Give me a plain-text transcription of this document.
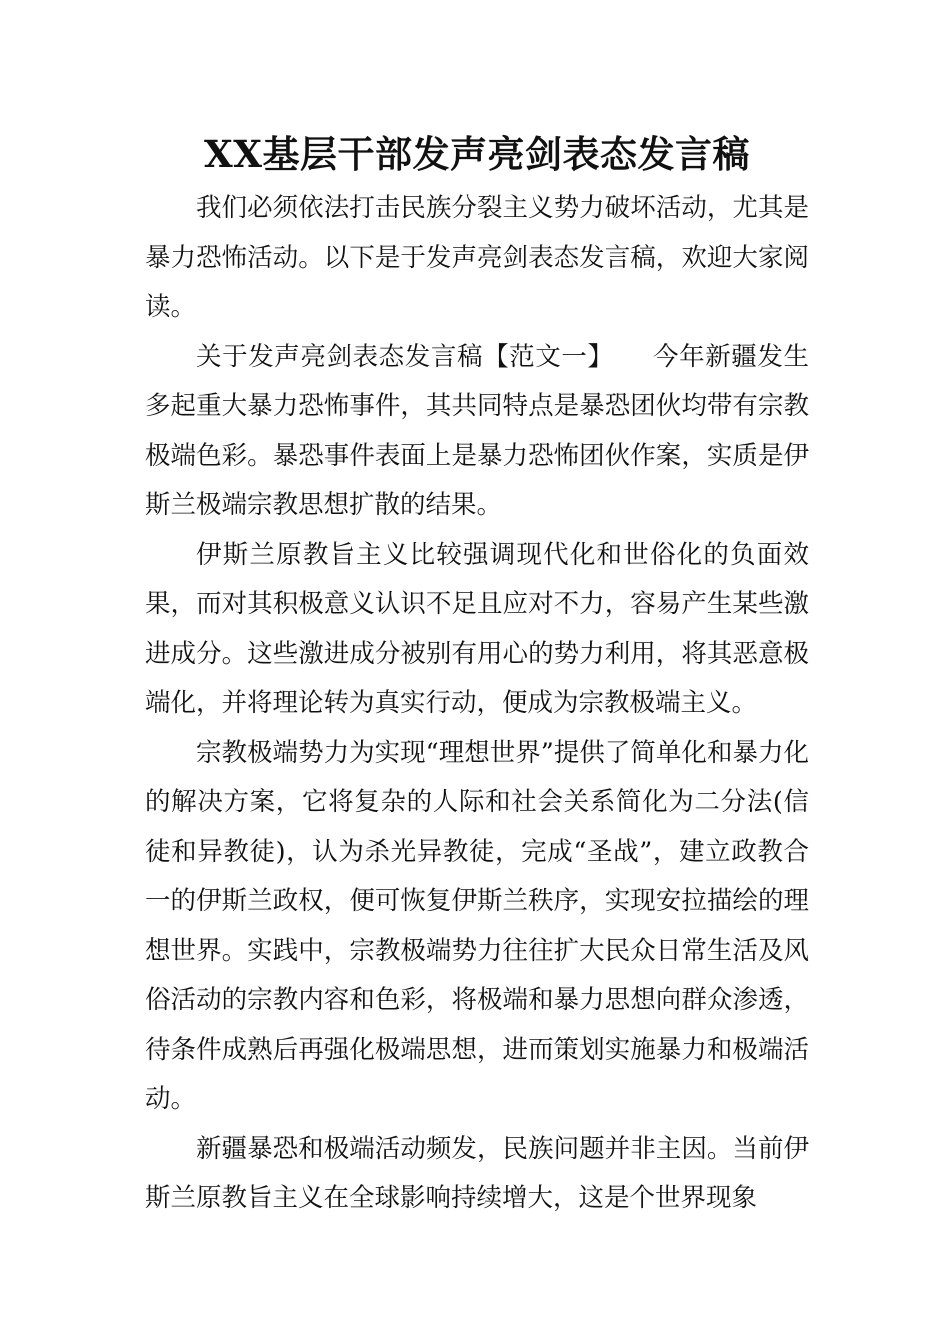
XX基层干部发声亮剑表态发言稿

我们必须依法打击民族分裂主义势力破坏活动，尤其是暴力恐怖活动。以下是于发声亮剑表态发言稿，欢迎大家阅读。

关于发声亮剑表态发言稿【范文一】　　今年新疆发生多起重大暴力恐怖事件，其共同特点是暴恐团伙均带有宗教极端色彩。暴恐事件表面上是暴力恐怖团伙作案，实质是伊斯兰极端宗教思想扩散的结果。

伊斯兰原教旨主义比较强调现代化和世俗化的负面效果，而对其积极意义认识不足且应对不力，容易产生某些激进成分。这些激进成分被别有用心的势力利用，将其恶意极端化，并将理论转为真实行动，便成为宗教极端主义。

宗教极端势力为实现“理想世界”提供了简单化和暴力化的解决方案，它将复杂的人际和社会关系简化为二分法(信徒和异教徒)，认为杀光异教徒，完成“圣战”，建立政教合一的伊斯兰政权，便可恢复伊斯兰秩序，实现安拉描绘的理想世界。实践中，宗教极端势力往往扩大民众日常生活及风俗活动的宗教内容和色彩，将极端和暴力思想向群众渗透，待条件成熟后再强化极端思想，进而策划实施暴力和极端活动。

新疆暴恐和极端活动频发，民族问题并非主因。当前伊斯兰原教旨主义在全球影响持续增大，这是个世界现象
